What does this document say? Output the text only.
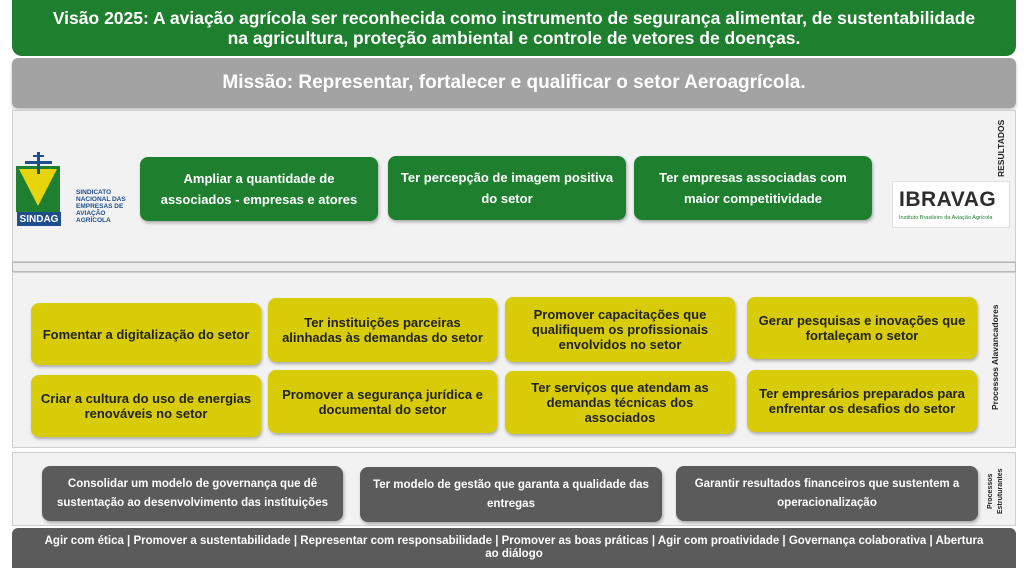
Visão 2025: A aviação agrícola ser reconhecida como instrumento de segurança alimentar, de sustentabilidade na agricultura, proteção ambiental e controle de vetores de doenças.
Missão: Representar, fortalecer e qualificar o setor Aeroagrícola.
Agir com ética | Promover a sustentabilidade | Representar com responsabilidade | Promover as boas práticas | Agir com proatividade | Governança colaborativa | Abertura ao diálogo
SINDAG
SINDICATO NACIONAL DAS EMPRESAS DE AVIAÇÃO AGRÍCOLA
IBRAVAG
Instituto Brasileiro da Aviação Agrícola
Ampliar a quantidade de associados - empresas e atores
Ter percepção de imagem positiva do setor
Ter empresas associadas com maior competitividade
RESULTADOS
Fomentar a digitalização do setor
Ter instituições parceiras alinhadas às demandas do setor
Promover capacitações que qualifiquem os profissionais envolvidos no setor
Gerar pesquisas e inovações que fortaleçam o setor
Criar a cultura do uso de energias renováveis no setor
Promover a segurança jurídica e documental do setor
Ter serviços que atendam as demandas técnicas dos associados
Ter empresários preparados para enfrentar os desafios do setor	Processos Alavancadores
Consolidar um modelo de governança que dê sustentação ao desenvolvimento das instituições
Ter modelo de gestão que garanta a qualidade das entregas
Garantir resultados financeiros que sustentem a operacionalização	Processos Estruturantes
